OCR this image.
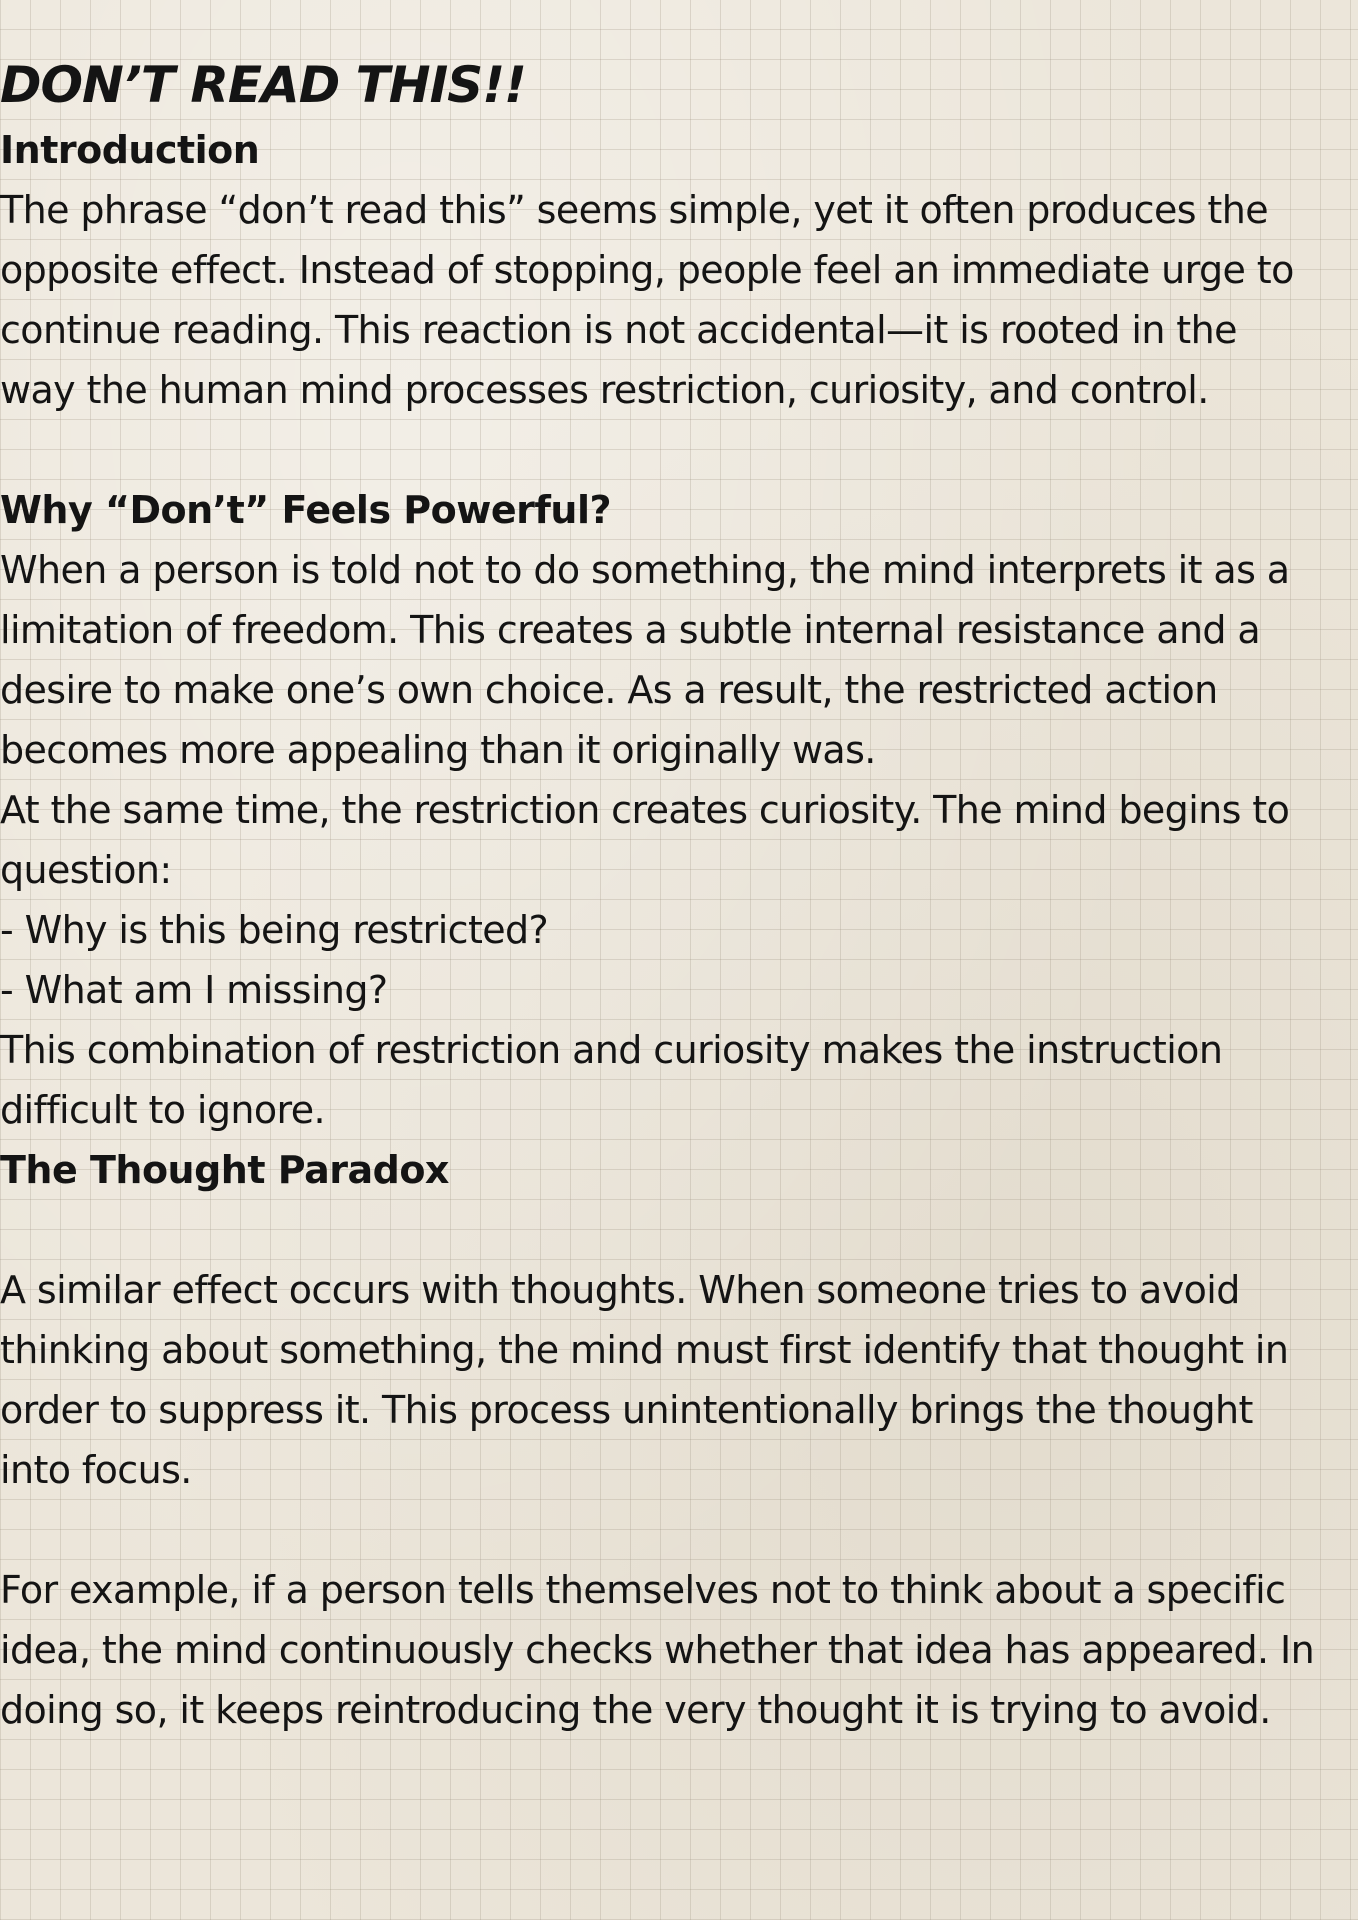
DON’T READ THIS!!
Introduction

The phrase “don’t read this” seems simple, yet it often produces the

opposite effect. Instead of stopping, people feel an immediate urge to

continue reading. This reaction is not accidental—it is rooted in the

way the human mind processes restriction, curiosity, and control.

Why “Don’t” Feels Powerful?

When a person is told not to do something, the mind interprets it as a

limitation of freedom. This creates a subtle internal resistance and a

desire to make one’s own choice. As a result, the restricted action

becomes more appealing than it originally was.

At the same time, the restriction creates curiosity. The mind begins to

question:

- Why is this being restricted?

- What am I missing?

This combination of restriction and curiosity makes the instruction

difficult to ignore.

The Thought Paradox

A similar effect occurs with thoughts. When someone tries to avoid

thinking about something, the mind must first identify that thought in

order to suppress it. This process unintentionally brings the thought

into focus.

For example, if a person tells themselves not to think about a specific

idea, the mind continuously checks whether that idea has appeared. In

doing so, it keeps reintroducing the very thought it is trying to avoid.
